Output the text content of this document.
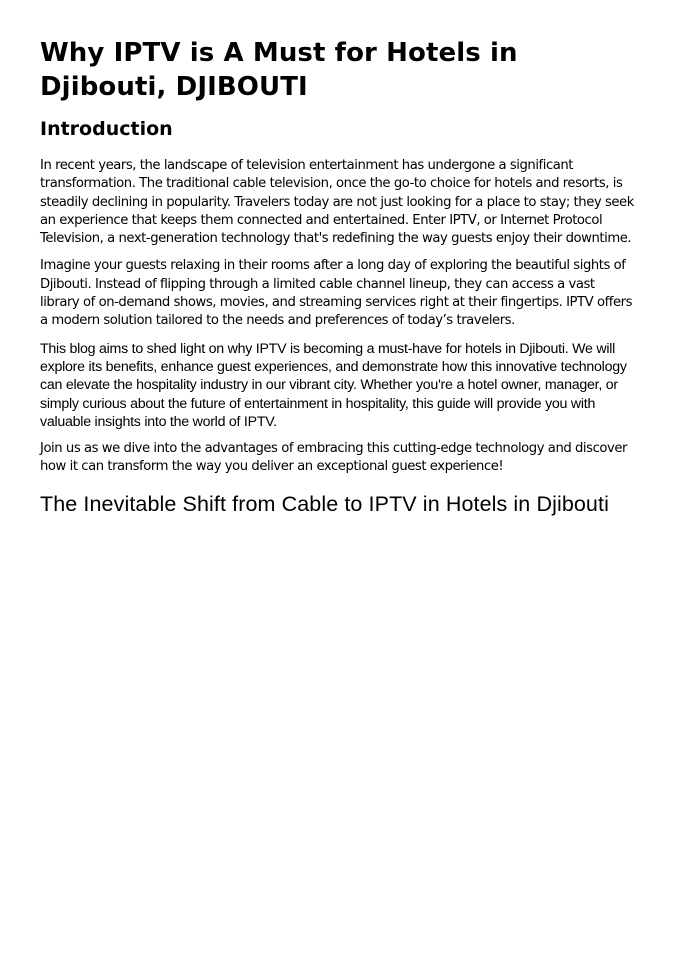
Why IPTV is A Must for Hotels in Djibouti, DJIBOUTI
Introduction

In recent years, the landscape of television entertainment has undergone a significant transformation. The traditional cable television, once the go-to choice for hotels and resorts, is steadily declining in popularity. Travelers today are not just looking for a place to stay; they seek an experience that keeps them connected and entertained. Enter IPTV, or Internet Protocol Television, a next-generation technology that's redefining the way guests enjoy their downtime.

Imagine your guests relaxing in their rooms after a long day of exploring the beautiful sights of Djibouti. Instead of flipping through a limited cable channel lineup, they can access a vast library of on-demand shows, movies, and streaming services right at their fingertips. IPTV offers a modern solution tailored to the needs and preferences of today’s travelers.

This blog aims to shed light on why IPTV is becoming a must-have for hotels in Djibouti. We will explore its benefits, enhance guest experiences, and demonstrate how this innovative technology can elevate the hospitality industry in our vibrant city. Whether you're a hotel owner, manager, or simply curious about the future of entertainment in hospitality, this guide will provide you with valuable insights into the world of IPTV.

Join us as we dive into the advantages of embracing this cutting-edge technology and discover how it can transform the way you deliver an exceptional guest experience!

The Inevitable Shift from Cable to IPTV in Hotels in Djibouti
